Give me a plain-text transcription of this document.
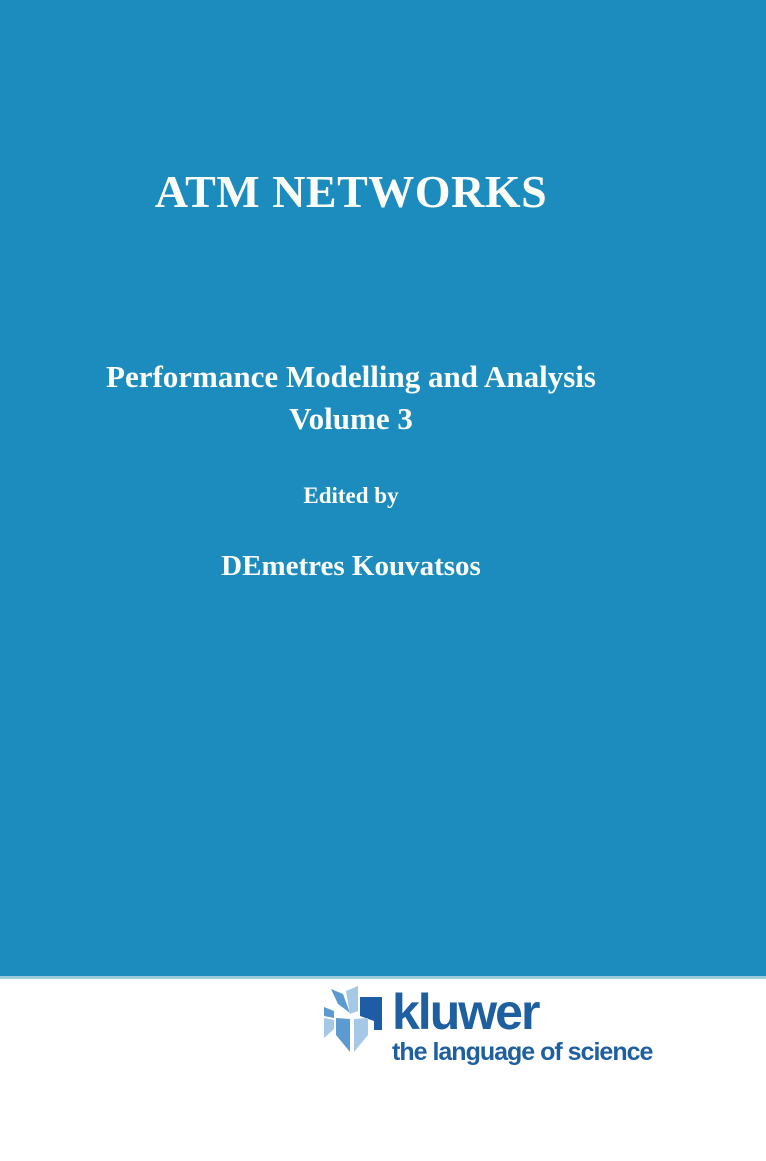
ATM NETWORKS
Performance Modelling and Analysis
Volume 3
Edited by
DEmetres Kouvatsos
kluwer
the language of science
